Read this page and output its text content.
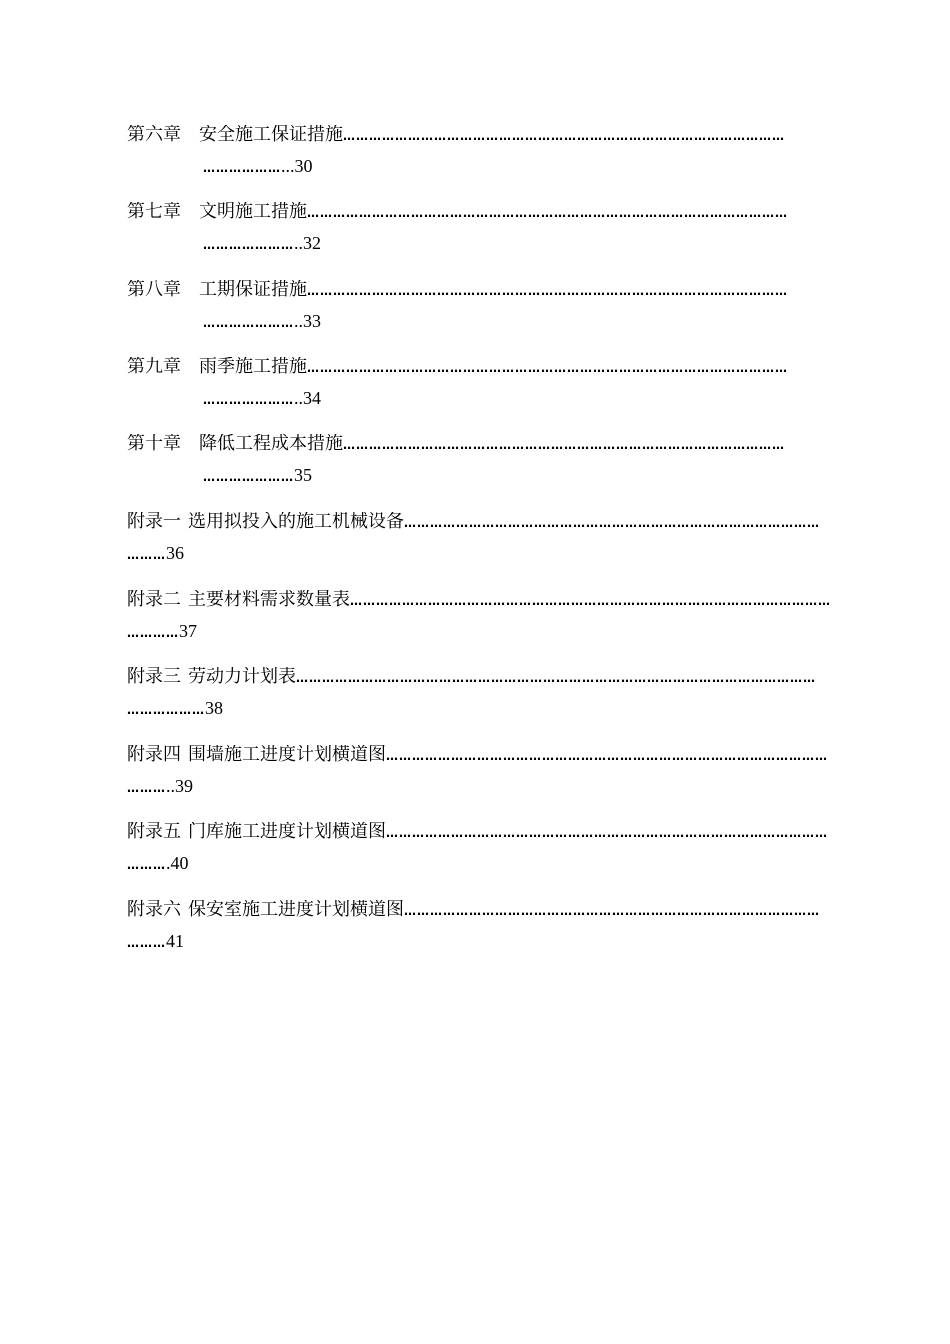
第六章 安全施工保证措施…………………………………………………………………………………………
………………...30
第七章 文明施工措施…………………………………………………………………………………………………
…………………..32
第八章 工期保证措施…………………………………………………………………………………………………
…………………..33
第九章 雨季施工措施…………………………………………………………………………………………………
…………………..34
第十章 降低工程成本措施…………………………………………………………………………………………
…………………35
附录一 选用拟投入的施工机械设备……………………………………………………………………………………
………36
附录二 主要材料需求数量表…………………………………………………………………………………………………
…………37
附录三 劳动力计划表…………………………………………………………………………………………………………
………………38
附录四 围墙施工进度计划横道图…………………………………………………………………………………………
………..39
附录五 门库施工进度计划横道图…………………………………………………………………………………………
……….40
附录六 保安室施工进度计划横道图……………………………………………………………………………………
………41
